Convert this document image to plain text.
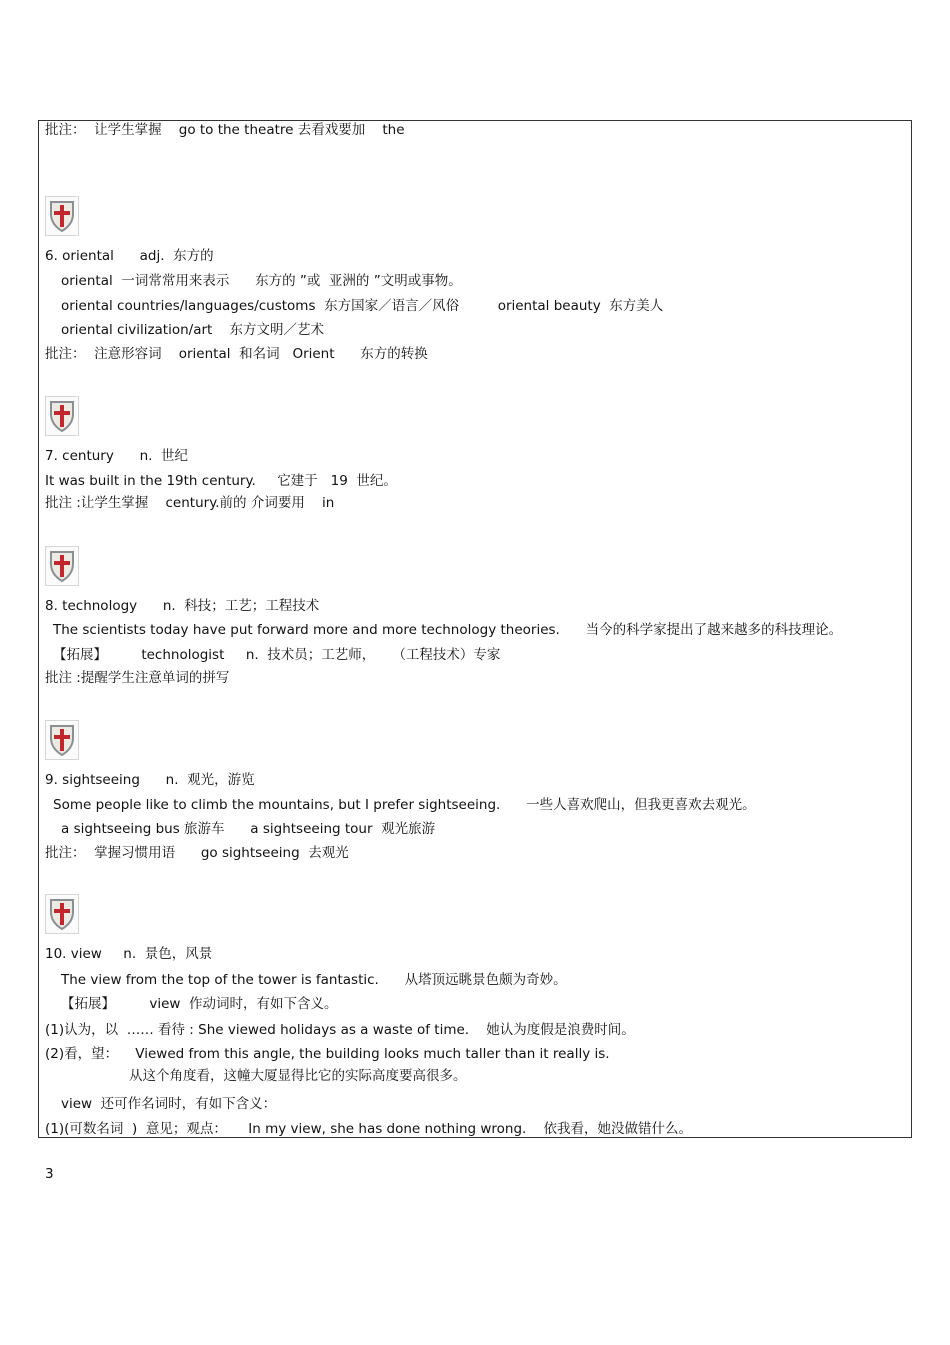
批注：  让学生掌握    go to the theatre 去看戏要加    the
6. oriental      adj.  东方的
oriental  一词常常用来表示      东方的 ”或  亚洲的 ”文明或事物。
oriental countries/languages/customs  东方国家／语言／风俗         oriental beauty  东方美人
oriental civilization/art    东方文明／艺术
批注：  注意形容词    oriental  和名词   Orient      东方的转换
7. century      n.  世纪
It was built in the 19th century.     它建于   19  世纪。
批注 :让学生掌握    century.前的 介词要用    in
8. technology      n.  科技；工艺；工程技术
The scientists today have put forward more and more technology theories.      当今的科学家提出了越来越多的科技理论。
【拓展】        technologist     n.  技术员；工艺师，    （工程技术）专家
批注 :提醒学生注意单词的拼写
9. sightseeing      n.  观光，游览
Some people like to climb the mountains, but I prefer sightseeing.      一些人喜欢爬山，但我更喜欢去观光。
a sightseeing bus 旅游车      a sightseeing tour  观光旅游
批注：  掌握习惯用语      go sightseeing  去观光
10. view     n.  景色，风景
The view from the top of the tower is fantastic.      从塔顶远眺景色颇为奇妙。
【拓展】        view  作动词时，有如下含义。
(1)认为，以  …… 看待 : She viewed holidays as a waste of time.    她认为度假是浪费时间。
(2)看，望：    Viewed from this angle, the building looks much taller than it really is.
从这个角度看，这幢大厦显得比它的实际高度要高很多。
view  还可作名词时，有如下含义：
(1)(可数名词  )  意见；观点：     In my view, she has done nothing wrong.    依我看，她没做错什么。
3
